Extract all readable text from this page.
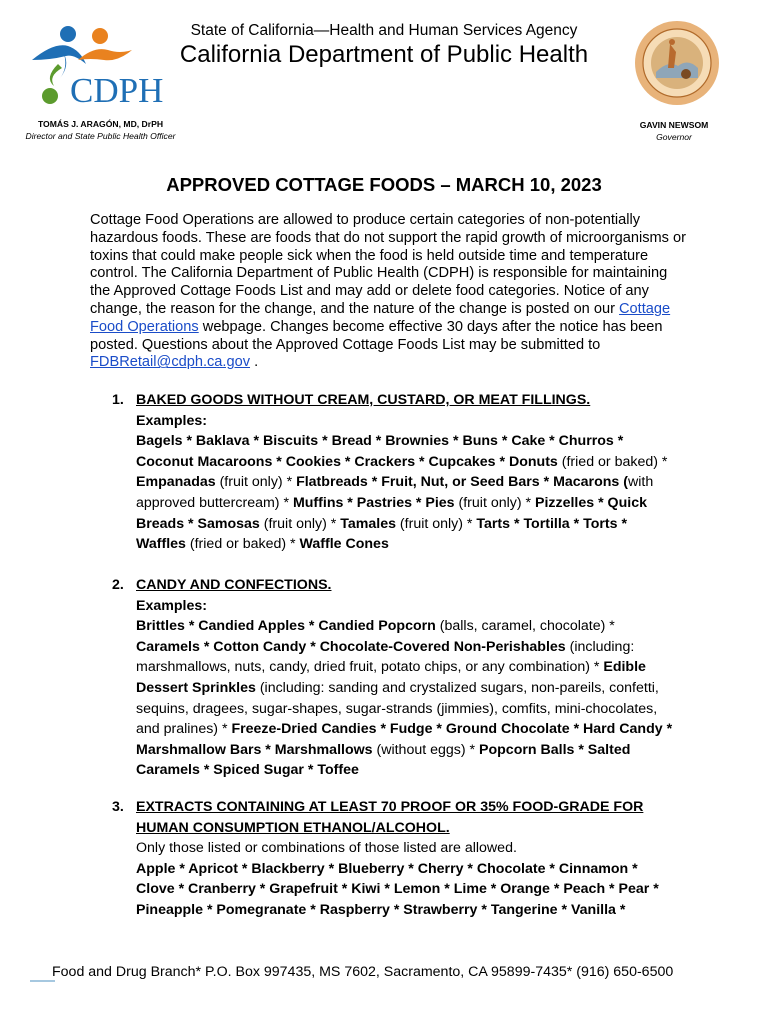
CDPH
State of California—Health and Human Services Agency
California Department of Public Health
TOMÁS J. ARAGÓN, MD, DrPH
Director and State Public Health Officer
GAVIN NEWSOM
Governor
APPROVED COTTAGE FOODS – MARCH 10, 2023
Cottage Food Operations are allowed to produce certain categories of non-potentially hazardous foods. These are foods that do not support the rapid growth of microorganisms or toxins that could make people sick when the food is held outside time and temperature control. The California Department of Public Health (CDPH) is responsible for maintaining the Approved Cottage Foods List and may add or delete food categories. Notice of any change, the reason for the change, and the nature of the change is posted on our Cottage Food Operations webpage. Changes become effective 30 days after the notice has been posted. Questions about the Approved Cottage Foods List may be submitted to FDBRetail@cdph.ca.gov .
1. BAKED GOODS WITHOUT CREAM, CUSTARD, OR MEAT FILLINGS.
Examples:
Bagels * Baklava * Biscuits * Bread * Brownies * Buns * Cake * Churros * Coconut Macaroons * Cookies * Crackers * Cupcakes * Donuts (fried or baked) * Empanadas (fruit only) * Flatbreads * Fruit, Nut, or Seed Bars * Macarons (with approved buttercream) * Muffins * Pastries * Pies (fruit only) * Pizzelles * Quick Breads * Samosas (fruit only) * Tamales (fruit only) * Tarts * Tortilla * Torts * Waffles (fried or baked) * Waffle Cones
2. CANDY AND CONFECTIONS.
Examples:
Brittles * Candied Apples * Candied Popcorn (balls, caramel, chocolate) * Caramels * Cotton Candy * Chocolate-Covered Non-Perishables (including: marshmallows, nuts, candy, dried fruit, potato chips, or any combination) * Edible Dessert Sprinkles (including: sanding and crystalized sugars, non-pareils, confetti, sequins, dragees, sugar-shapes, sugar-strands (jimmies), comfits, mini-chocolates, and pralines) * Freeze-Dried Candies * Fudge * Ground Chocolate * Hard Candy * Marshmallow Bars * Marshmallows (without eggs) * Popcorn Balls * Salted Caramels * Spiced Sugar * Toffee
3. EXTRACTS CONTAINING AT LEAST 70 PROOF OR 35% FOOD-GRADE FOR HUMAN CONSUMPTION ETHANOL/ALCOHOL.
Only those listed or combinations of those listed are allowed.
Apple * Apricot * Blackberry * Blueberry * Cherry * Chocolate * Cinnamon * Clove * Cranberry * Grapefruit * Kiwi * Lemon * Lime * Orange * Peach * Pear * Pineapple * Pomegranate * Raspberry * Strawberry * Tangerine * Vanilla *
Food and Drug Branch* P.O. Box 997435, MS 7602, Sacramento, CA 95899-7435* (916) 650-6500
